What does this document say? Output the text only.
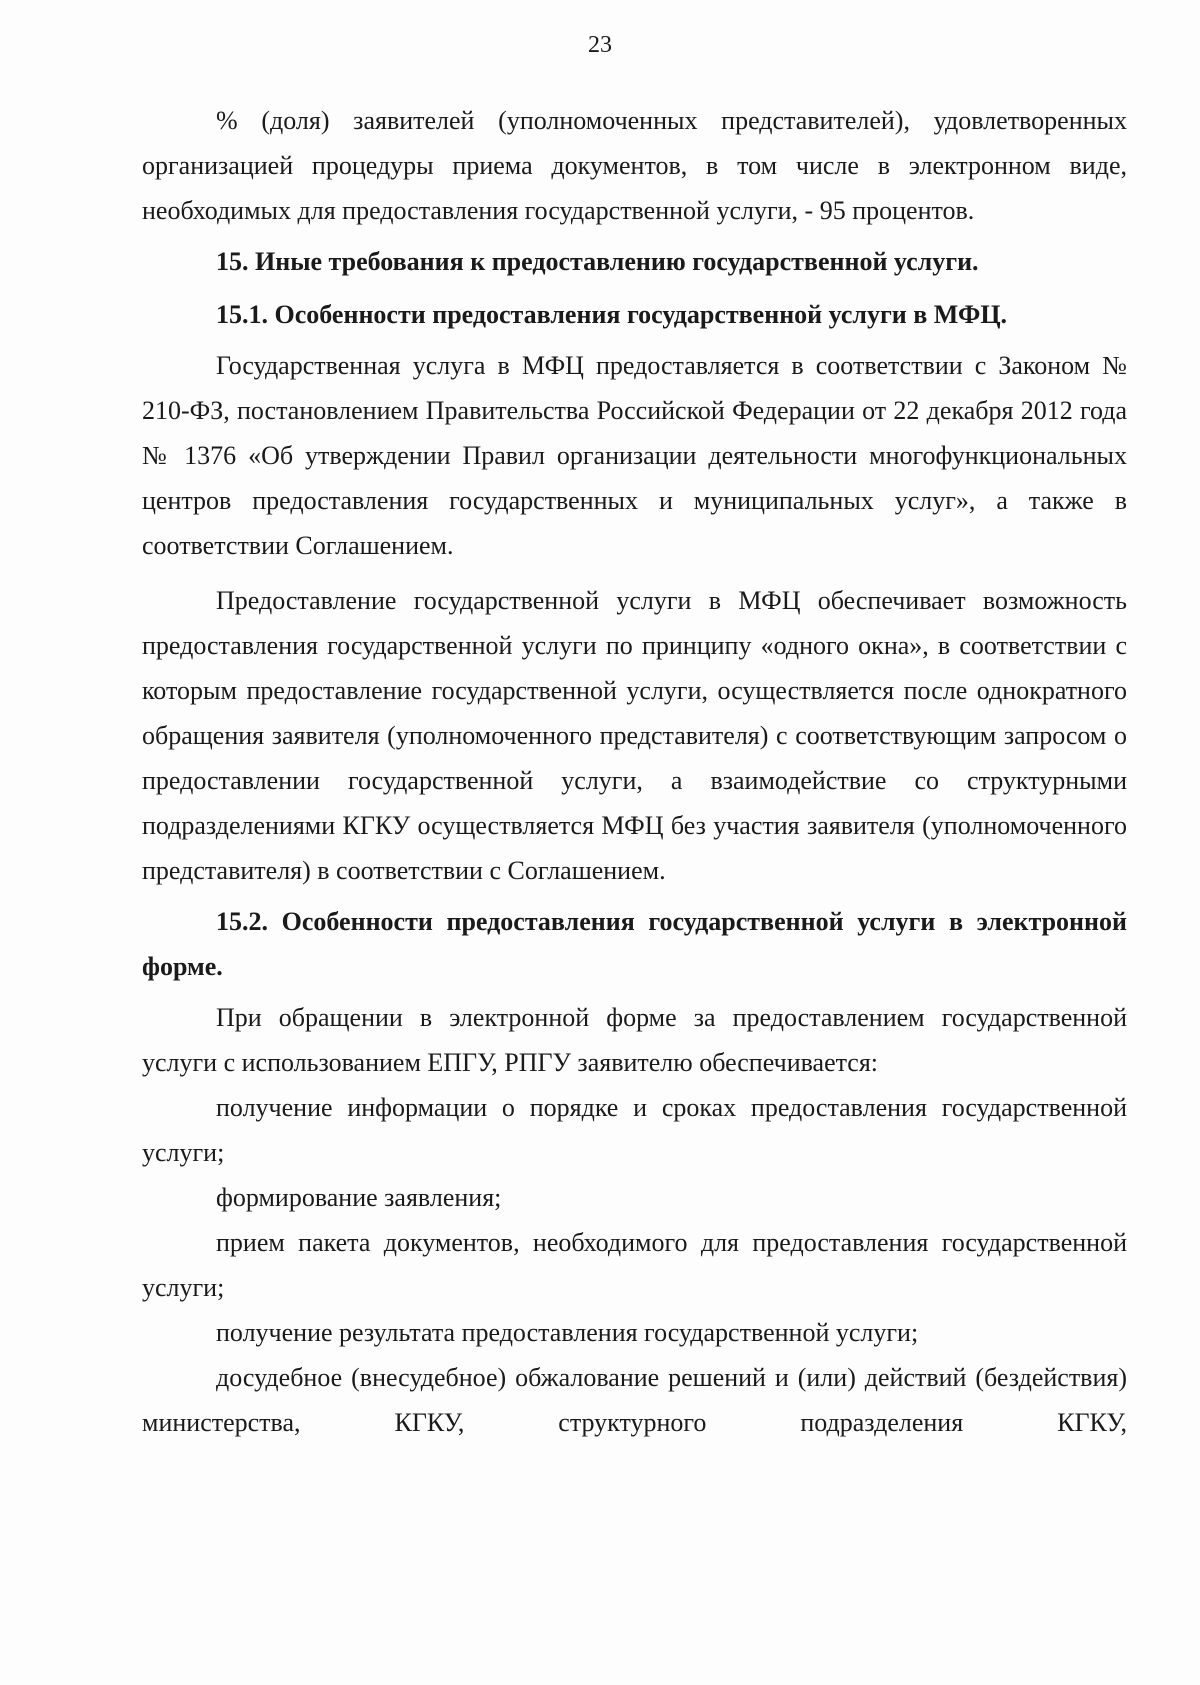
23

% (доля) заявителей (уполномоченных представителей), удовлетворенных организацией процедуры приема документов, в том числе в электронном виде, необходимых для предоставления государственной услуги, - 95 процентов.

15. Иные требования к предоставлению государственной услуги.

15.1. Особенности предоставления государственной услуги в МФЦ.

Государственная услуга в МФЦ предоставляется в соответствии с Законом № 210-ФЗ, постановлением Правительства Российской Федерации от 22 декабря 2012 года № 1376 «Об утверждении Правил организации деятельности многофункциональных центров предоставления государственных и муниципальных услуг», а также в соответствии Соглашением.

Предоставление государственной услуги в МФЦ обеспечивает возможность предоставления государственной услуги по принципу «одного окна», в соответствии с которым предоставление государственной услуги, осуществляется после однократного обращения заявителя (уполномоченного представителя) с соответствующим запросом о предоставлении государственной услуги, а взаимодействие со структурными подразделениями КГКУ осуществляется МФЦ без участия заявителя (уполномоченного представителя) в соответствии с Соглашением.

15.2. Особенности предоставления государственной услуги в электронной форме.

При обращении в электронной форме за предоставлением государственной услуги с использованием ЕПГУ, РПГУ заявителю обеспечивается:

получение информации о порядке и сроках предоставления государственной услуги;

формирование заявления;

прием пакета документов, необходимого для предоставления государственной услуги;

получение результата предоставления государственной услуги;

досудебное (внесудебное) обжалование решений и (или) действий (бездействия) министерства, КГКУ, структурного подразделения КГКУ,
